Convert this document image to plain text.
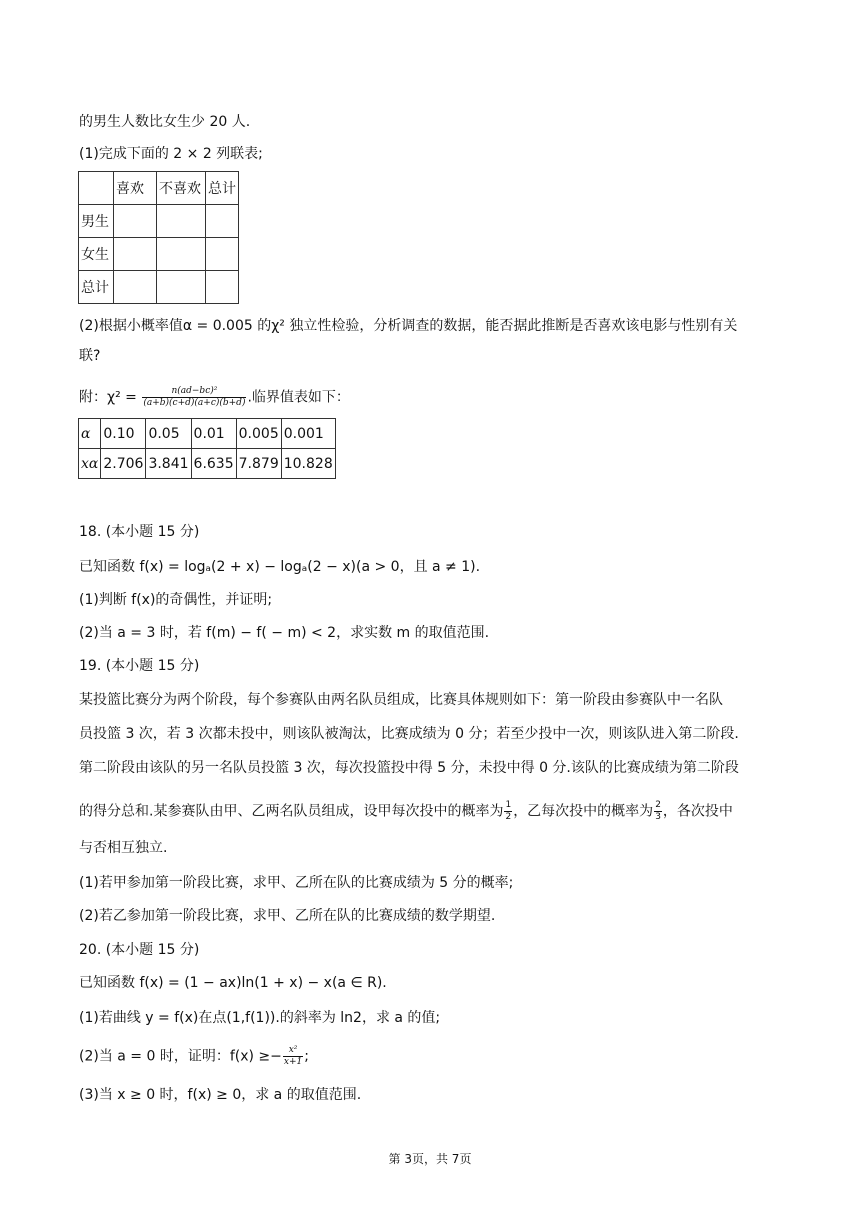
的男生人数比女生少 20 人.
(1)完成下面的 2 × 2 列联表;
	喜欢	不喜欢	总计
男生			
女生			
总计			
(2)根据小概率值α = 0.005 的χ² 独立性检验，分析调查的数据，能否据此推断是否喜欢该电影与性别有关
联?
附：$\chi^2 = \frac{\text{n(ad−bc)²}}{(a+b)(c+d)(a+c)(b+d)}$ .临界值表如下：
α	0.10	0.05	0.01	0.005	0.001
xα	2.706	3.841	6.635	7.879	10.828
18. (本小题 15 分)
已知函数 f(x) = logₐ(2 + x) − logₐ(2 − x)(a > 0，且 a ≠ 1).
(1)判断 f(x)的奇偶性，并证明;
(2)当 a = 3 时，若 f(m) − f( − m) < 2，求实数 m 的取值范围.
19. (本小题 15 分)
某投篮比赛分为两个阶段，每个参赛队由两名队员组成，比赛具体规则如下：第一阶段由参赛队中一名队
员投篮 3 次，若 3 次都未投中，则该队被淘汰，比赛成绩为 0 分；若至少投中一次，则该队进入第二阶段.
第二阶段由该队的另一名队员投篮 3 次，每次投篮投中得 5 分，未投中得 0 分.该队的比赛成绩为第二阶段
的得分总和.某参赛队由甲、乙两名队员组成，设甲每次投中的概率为 $\frac{1}{2}$ ，乙每次投中的概率为 $\frac{2}{3}$ ，各次投中
与否相互独立.
(1)若甲参加第一阶段比赛，求甲、乙所在队的比赛成绩为 5 分的概率;
(2)若乙参加第一阶段比赛，求甲、乙所在队的比赛成绩的数学期望.
20. (本小题 15 分)
已知函数 f(x) = (1 − ax)ln(1 + x) − x(a ∈ R).
(1)若曲线 y = f(x)在点(1,f(1)).的斜率为 ln2，求 a 的值;
(2)当 a = 0 时，证明：$f(x) \ge- \frac{\text{x²}}{x+1}$ ;
(3)当 x ≥ 0 时，f(x) ≥ 0，求 a 的取值范围.
第 3页，共 7页
